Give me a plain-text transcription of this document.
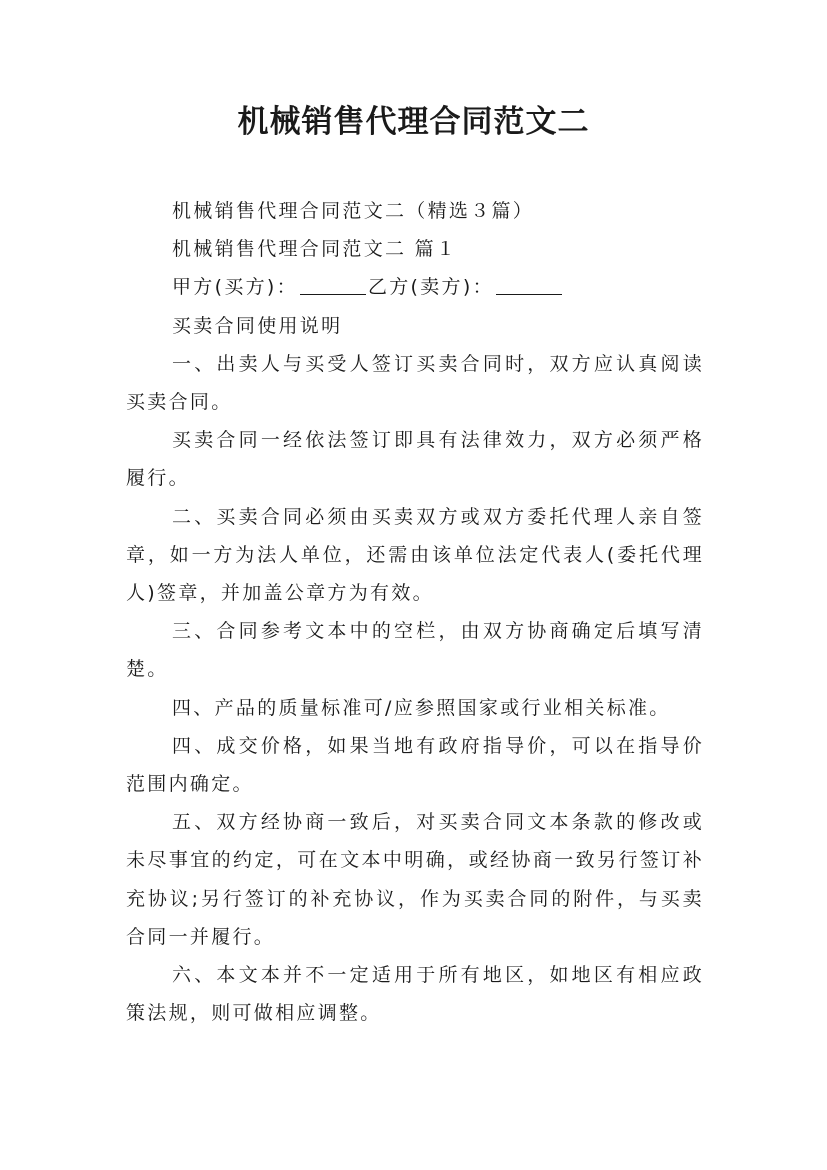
机械销售代理合同范文二

机械销售代理合同范文二（精选３篇）

机械销售代理合同范文二 篇１

甲方(买方)：	乙方(卖方)：

买卖合同使用说明

一、出卖人与买受人签订买卖合同时，双方应认真阅读买卖合同。

买卖合同一经依法签订即具有法律效力，双方必须严格履行。

二、买卖合同必须由买卖双方或双方委托代理人亲自签章，如一方为法人单位，还需由该单位法定代表人(委托代理人)签章，并加盖公章方为有效。

三、合同参考文本中的空栏，由双方协商确定后填写清楚。

四、产品的质量标准可/应参照国家或行业相关标准。

四、成交价格，如果当地有政府指导价，可以在指导价范围内确定。

五、双方经协商一致后，对买卖合同文本条款的修改或未尽事宜的约定，可在文本中明确，或经协商一致另行签订补充协议;另行签订的补充协议，作为买卖合同的附件，与买卖合同一并履行。

六、本文本并不一定适用于所有地区，如地区有相应政策法规，则可做相应调整。
